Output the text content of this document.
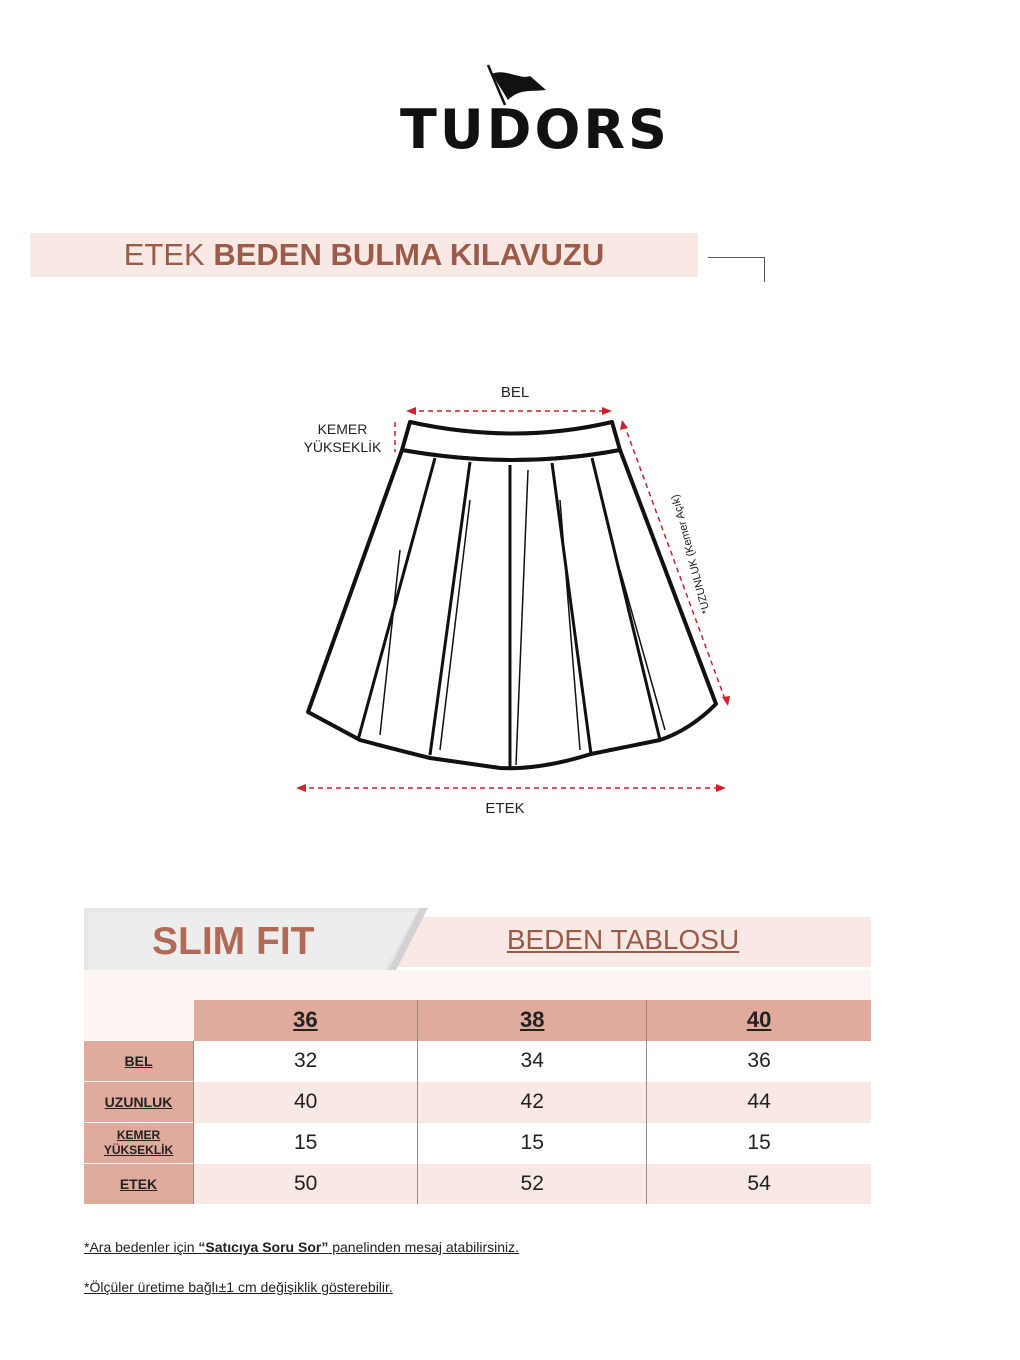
TUDORS
ETEK BEDEN BULMA KILAVUZU
BEL
KEMER
YÜKSEKLİK
*UZUNLUK (Kemer Açık)
ETEK
BEDEN TABLOSU
SLIM FIT
	36	38	40
BEL	32	34	36
UZUNLUK	40	42	44
KEMER
YÜKSEKLİK	15	15	15
ETEK	50	52	54
*Ara bedenler için “Satıcıya Soru Sor” panelinden mesaj atabilirsiniz.
*Ölçüler üretime bağlı±1 cm değişiklik gösterebilir.
